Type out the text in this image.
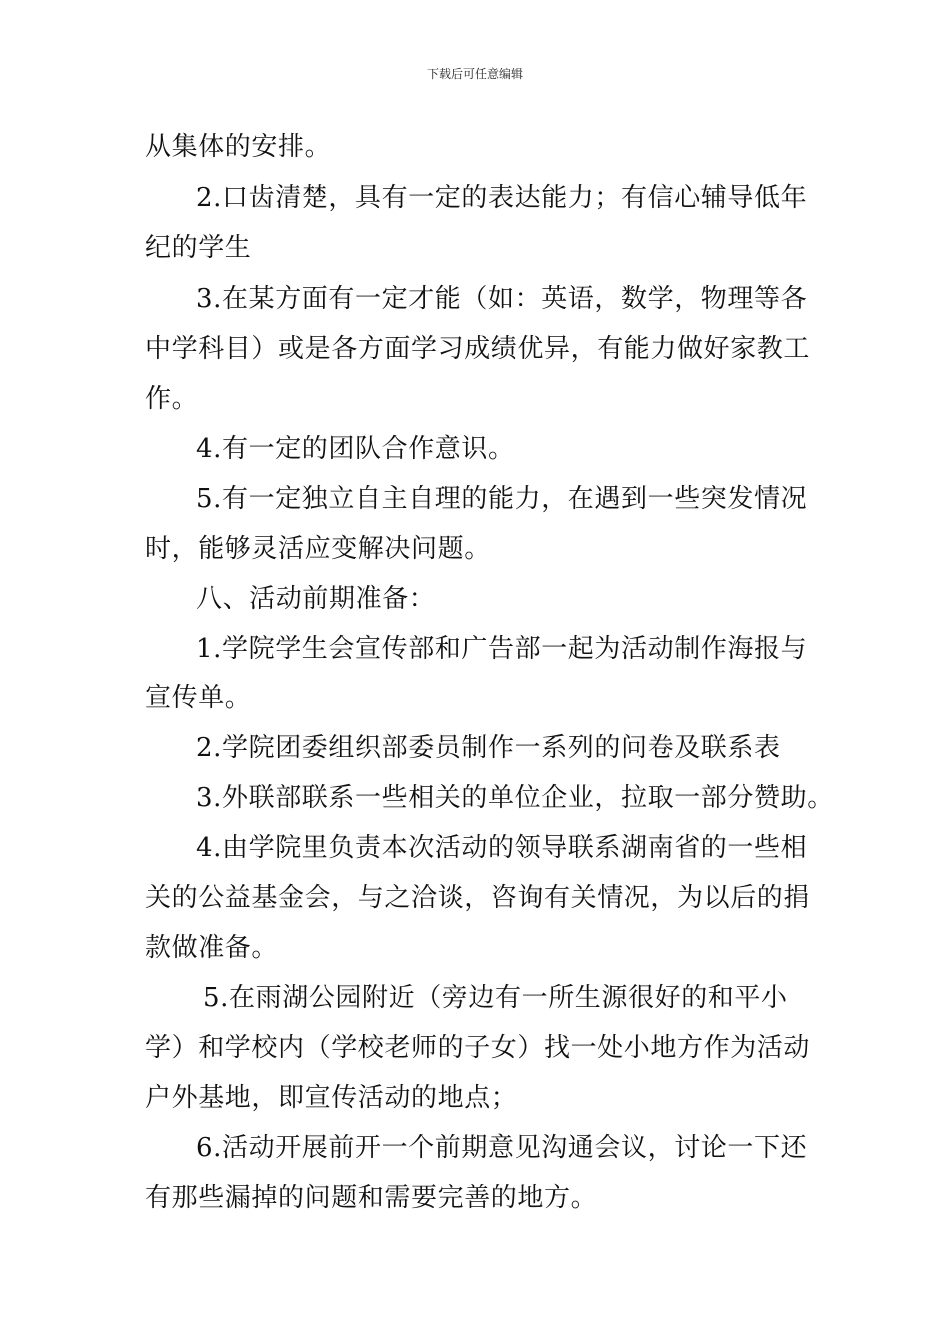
下载后可任意编辑
从集体的安排。
2.口齿清楚，具有一定的表达能力；有信心辅导低年
纪的学生
3.在某方面有一定才能（如：英语，数学，物理等各
中学科目）或是各方面学习成绩优异，有能力做好家教工
作。
4.有一定的团队合作意识。
5.有一定独立自主自理的能力，在遇到一些突发情况
时，能够灵活应变解决问题。
八、活动前期准备：
1.学院学生会宣传部和广告部一起为活动制作海报与
宣传单。
2.学院团委组织部委员制作一系列的问卷及联系表
3.外联部联系一些相关的单位企业，拉取一部分赞助。
4.由学院里负责本次活动的领导联系湖南省的一些相
关的公益基金会，与之洽谈，咨询有关情况，为以后的捐
款做准备。
5.在雨湖公园附近（旁边有一所生源很好的和平小
学）和学校内（学校老师的子女）找一处小地方作为活动
户外基地，即宣传活动的地点；
6.活动开展前开一个前期意见沟通会议，讨论一下还
有那些漏掉的问题和需要完善的地方。
